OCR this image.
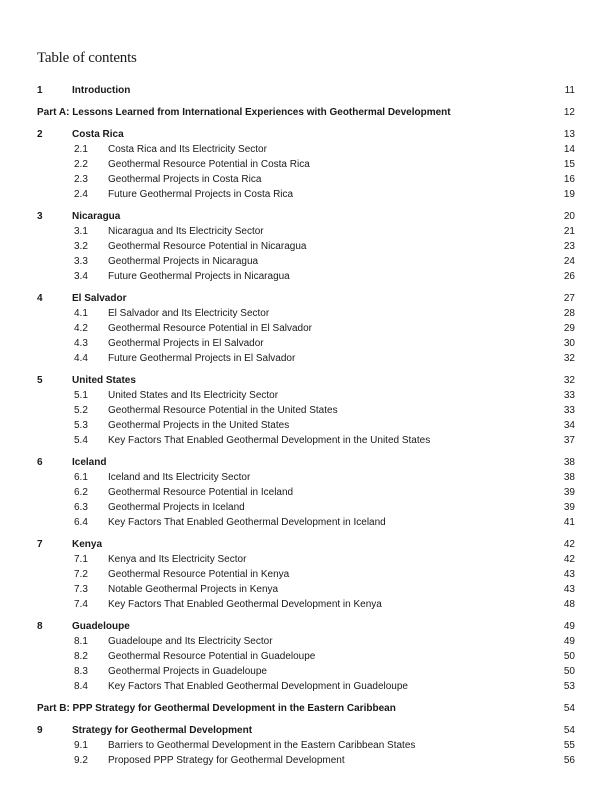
Table of contents
1	Introduction	11
Part A: Lessons Learned from International Experiences with Geothermal Development	12
2	Costa Rica	13
2.1 Costa Rica and Its Electricity Sector	14
2.2 Geothermal Resource Potential in Costa Rica	15
2.3 Geothermal Projects in Costa Rica	16
2.4 Future Geothermal Projects in Costa Rica	19
3	Nicaragua	20
3.1 Nicaragua and Its Electricity Sector	21
3.2 Geothermal Resource Potential in Nicaragua	23
3.3 Geothermal Projects in Nicaragua	24
3.4 Future Geothermal Projects in Nicaragua	26
4	El Salvador	27
4.1 El Salvador and Its Electricity Sector	28
4.2 Geothermal Resource Potential in El Salvador	29
4.3 Geothermal Projects in El Salvador	30
4.4 Future Geothermal Projects in El Salvador	32
5	United States	32
5.1 United States and Its Electricity Sector	33
5.2 Geothermal Resource Potential in the United States	33
5.3 Geothermal Projects in the United States	34
5.4 Key Factors That Enabled Geothermal Development in the United States	37
6	Iceland	38
6.1 Iceland and Its Electricity Sector	38
6.2 Geothermal Resource Potential in Iceland	39
6.3 Geothermal Projects in Iceland	39
6.4 Key Factors That Enabled Geothermal Development in Iceland	41
7	Kenya	42
7.1 Kenya and Its Electricity Sector	42
7.2 Geothermal Resource Potential in Kenya	43
7.3 Notable Geothermal Projects in Kenya	43
7.4 Key Factors That Enabled Geothermal Development in Kenya	48
8	Guadeloupe	49
8.1 Guadeloupe and Its Electricity Sector	49
8.2 Geothermal Resource Potential in Guadeloupe	50
8.3 Geothermal Projects in Guadeloupe	50
8.4 Key Factors That Enabled Geothermal Development in Guadeloupe	53
Part B: PPP Strategy for Geothermal Development in the Eastern Caribbean	54
9	Strategy for Geothermal Development	54
9.1 Barriers to Geothermal Development in the Eastern Caribbean States	55
9.2 Proposed PPP Strategy for Geothermal Development	56
